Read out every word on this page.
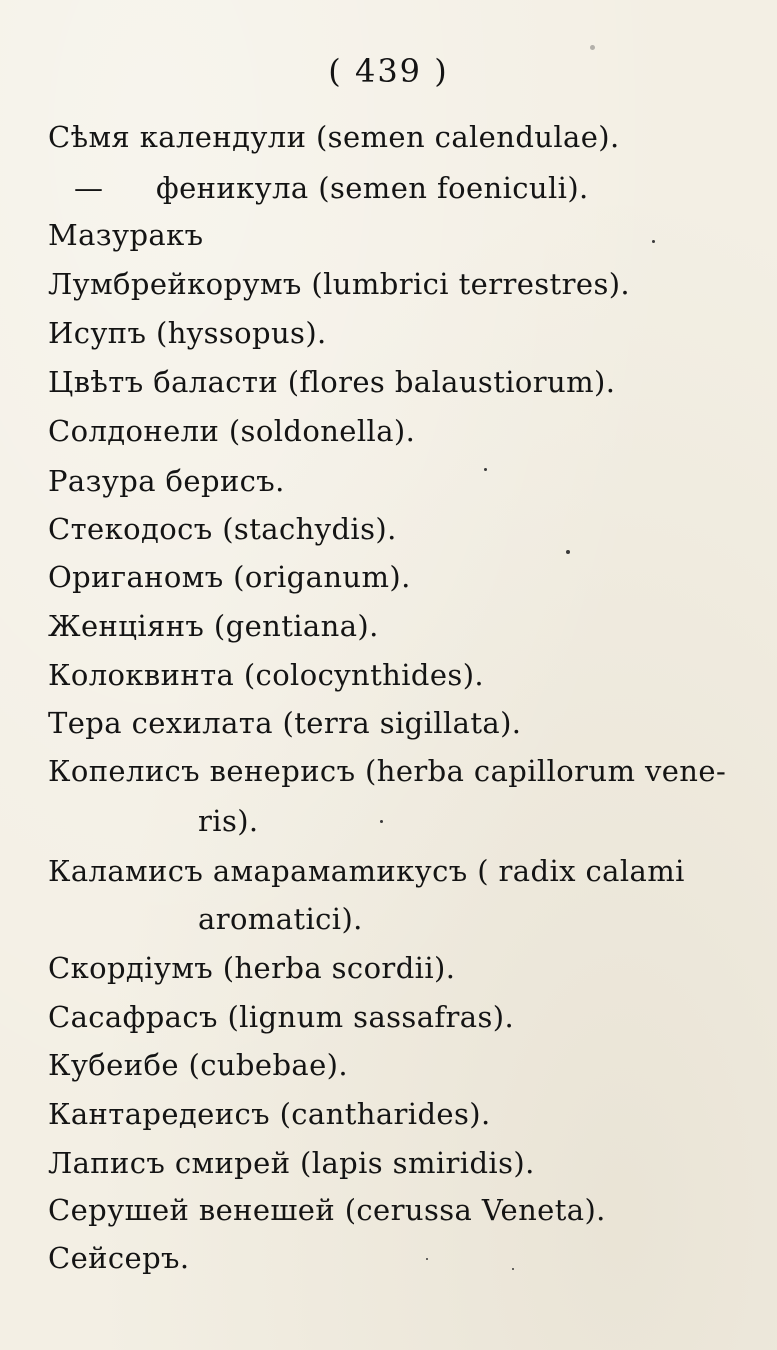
( 439 )
Сѣмя календули (semen calendulae).
— феникула (semen foeniculi).
Мазуракъ
Лумбрейкорумъ (lumbrici terrestres).
Исупъ (hyssopus).
Цвѣтъ баласти (flores balaustiorum).
Солдонели (soldonella).
Разура берисъ.
Стекодосъ (stachydis).
Ориганомъ (origanum).
Женціянъ (gentiana).
Колоквинта (colocynthides).
Тера сехилата (terra sigillata).
Копелисъ венерисъ (herba capillorum vene-
ris).
Каламисъ амарамаmикусъ ( radix calami
aromatici).
Скордіумъ (herba scordii).
Сасафрасъ (lignum sassafras).
Кубеибе (cubebae).
Кантаредеисъ (cantharides).
Лаписъ смирей (lapis smiridis).
Серушей венешей (cerussa Veneta).
Сейсеръ.
